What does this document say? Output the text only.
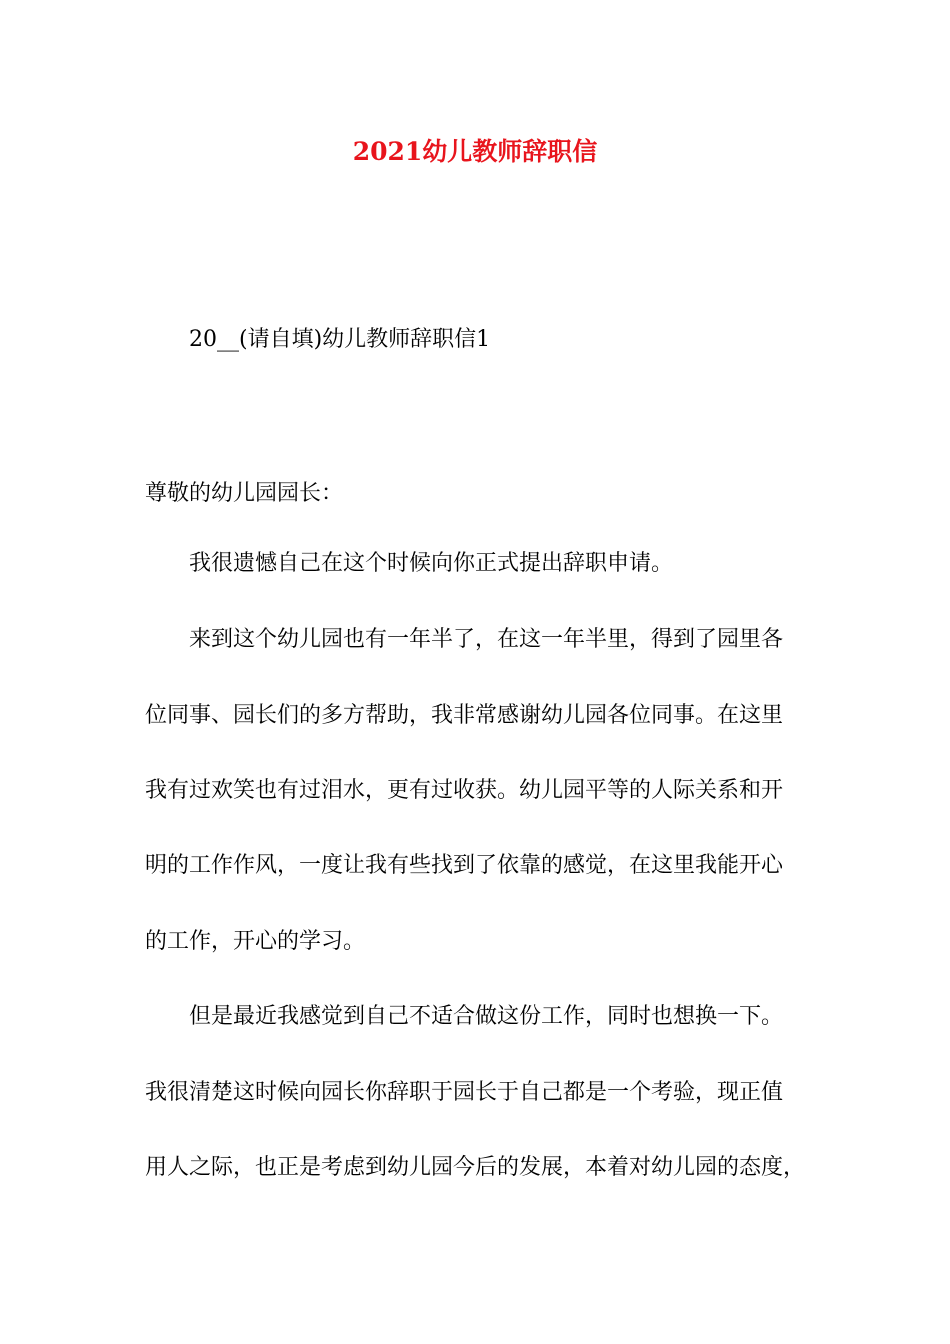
2021幼儿教师辞职信
20__(请自填)幼儿教师辞职信1
尊敬的幼儿园园长：
我很遗憾自己在这个时候向你正式提出辞职申请。
来到这个幼儿园也有一年半了，在这一年半里，得到了园里各
位同事、园长们的多方帮助，我非常感谢幼儿园各位同事。在这里
我有过欢笑也有过泪水，更有过收获。幼儿园平等的人际关系和开
明的工作作风，一度让我有些找到了依靠的感觉，在这里我能开心
的工作，开心的学习。
但是最近我感觉到自己不适合做这份工作，同时也想换一下。
我很清楚这时候向园长你辞职于园长于自己都是一个考验，现正值
用人之际，也正是考虑到幼儿园今后的发展，本着对幼儿园的态度，
